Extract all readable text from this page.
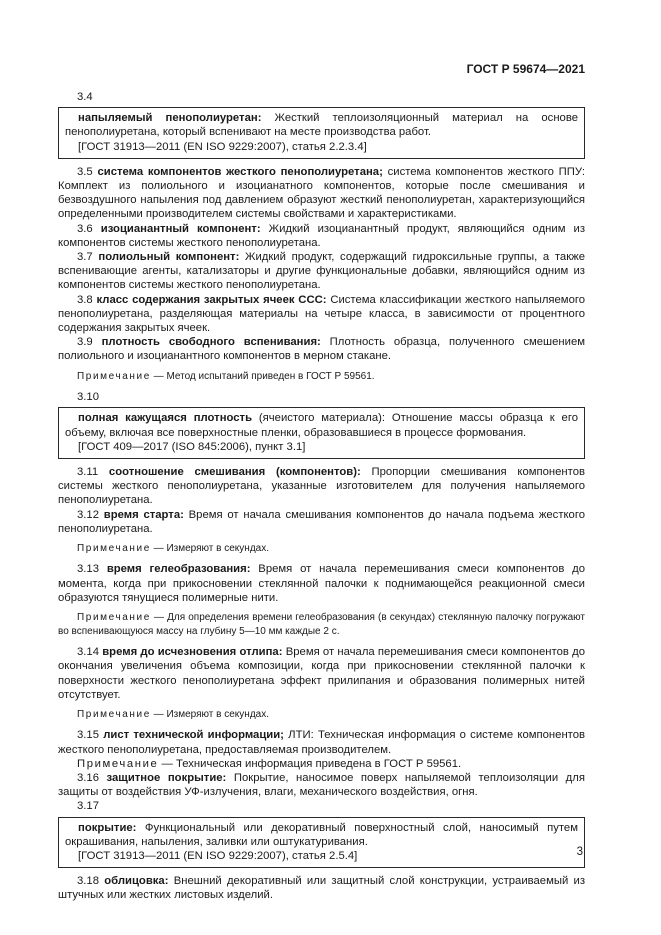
ГОСТ Р 59674—2021

3.4

напыляемый пенополиуретан: Жесткий теплоизоляционный материал на основе пенополиуретана, который вспенивают на месте производства работ.

[ГОСТ 31913—2011 (EN ISO 9229:2007), статья 2.2.3.4]

3.5 система компонентов жесткого пенополиуретана; система компонентов жесткого ППУ: Комплект из полиольного и изоцианатного компонентов, которые после смешивания и безвоздушного напыления под давлением образуют жесткий пенополиуретан, характеризующийся определенными производителем системы свойствами и характеристиками.

3.6 изоцианантный компонент: Жидкий изоцианантный продукт, являющийся одним из компонентов системы жесткого пенополиуретана.

3.7 полиольный компонент: Жидкий продукт, содержащий гидроксильные группы, а также вспенивающие агенты, катализаторы и другие функциональные добавки, являющийся одним из компонентов системы жесткого пенополиуретана.

3.8 класс содержания закрытых ячеек ССС: Система классификации жесткого напыляемого пенополиуретана, разделяющая материалы на четыре класса, в зависимости от процентного содержания закрытых ячеек.

3.9 плотность свободного вспенивания: Плотность образца, полученного смешением полиольного и изоцианантного компонентов в мерном стакане.

Примечание — Метод испытаний приведен в ГОСТ Р 59561.

3.10

полная кажущаяся плотность (ячеистого материала): Отношение массы образца к его объему, включая все поверхностные пленки, образовавшиеся в процессе формования.

[ГОСТ 409—2017 (ISO 845:2006), пункт 3.1]

3.11 соотношение смешивания (компонентов): Пропорции смешивания компонентов системы жесткого пенополиуретана, указанные изготовителем для получения напыляемого пенополиуретана.

3.12 время старта: Время от начала смешивания компонентов до начала подъема жесткого пенополиуретана.

Примечание — Измеряют в секундах.

3.13 время гелеобразования: Время от начала перемешивания смеси компонентов до момента, когда при прикосновении стеклянной палочки к поднимающейся реакционной смеси образуются тянущиеся полимерные нити.

Примечание — Для определения времени гелеобразования (в секундах) стеклянную палочку погружают во вспенивающуюся массу на глубину 5—10 мм каждые 2 с.

3.14 время до исчезновения отлипа: Время от начала перемешивания смеси компонентов до окончания увеличения объема композиции, когда при прикосновении стеклянной палочки к поверхности жесткого пенополиуретана эффект прилипания и образования полимерных нитей отсутствует.

Примечание — Измеряют в секундах.

3.15 лист технической информации; ЛТИ: Техническая информация о системе компонентов жесткого пенополиуретана, предоставляемая производителем.

Примечание — Техническая информация приведена в ГОСТ Р 59561.

3.16 защитное покрытие: Покрытие, наносимое поверх напыляемой теплоизоляции для защиты от воздействия УФ-излучения, влаги, механического воздействия, огня.

3.17

покрытие: Функциональный или декоративный поверхностный слой, наносимый путем окрашивания, напыления, заливки или оштукатуривания.

[ГОСТ 31913—2011 (EN ISO 9229:2007), статья 2.5.4]

3.18 облицовка: Внешний декоративный или защитный слой конструкции, устраиваемый из штучных или жестких листовых изделий.

3
